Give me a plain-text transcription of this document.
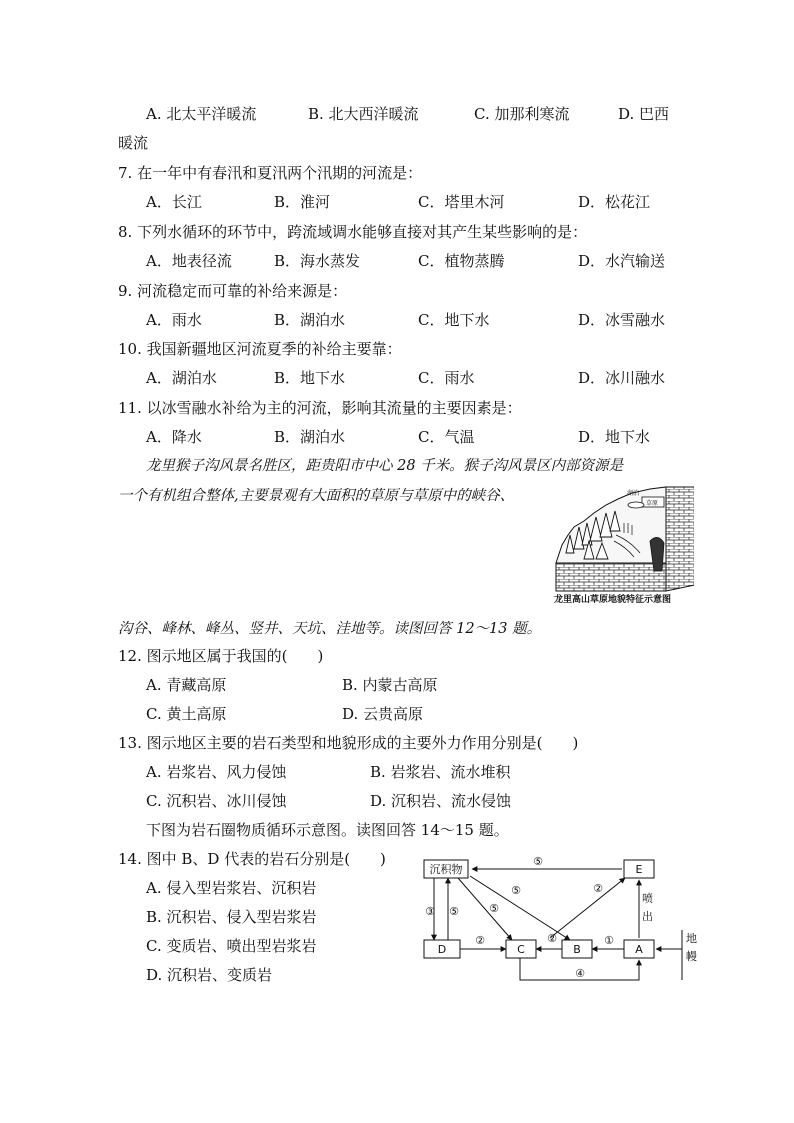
A. 北太平洋暖流	B. 北大西洋暖流	C. 加那利寒流	D. 巴西
暖流
7. 在一年中有春汛和夏汛两个汛期的河流是：
A．长江	B．淮河	C．塔里木河	D．松花江
8. 下列水循环的环节中，跨流域调水能够直接对其产生某些影响的是：
A．地表径流	B．海水蒸发	C．植物蒸腾	D．水汽输送
9. 河流稳定而可靠的补给来源是：
A．雨水	B．湖泊水	C．地下水	D．冰雪融水
10. 我国新疆地区河流夏季的补给主要靠：
A．湖泊水	B．地下水	C．雨水	D．冰川融水
11. 以冰雪融水补给为主的河流，影响其流量的主要因素是：
A．降水	B．湖泊水	C．气温	D．地下水
龙里猴子沟风景名胜区，距贵阳市中心 28 千米。猴子沟风景区内部资源是
一个有机组合整体,主要景观有大面积的草原与草原中的峡谷、	湖泊
草原
龙里高山草原地貌特征示意图
沟谷、峰林、峰丛、竖井、天坑、洼地等。读图回答 12～13 题。
12. 图示地区属于我国的(　　)
A. 青藏高原	B. 内蒙古高原
C. 黄土高原	D. 云贵高原
13. 图示地区主要的岩石类型和地貌形成的主要外力作用分别是(　　)
A. 岩浆岩、风力侵蚀	B. 岩浆岩、流水堆积
C. 沉积岩、冰川侵蚀	D. 沉积岩、流水侵蚀
下图为岩石圈物质循环示意图。读图回答 14～15 题。
14. 图中 B、D 代表的岩石分别是(　　)
A. 侵入型岩浆岩、沉积岩
B. 沉积岩、侵入型岩浆岩
C. 变质岩、喷出型岩浆岩
D. 沉积岩、变质岩
沉积物	E
D	C	B	A
⑤
⑤
⑤
②
③ ⑤
②	②	①
④
喷
出
地
幔
